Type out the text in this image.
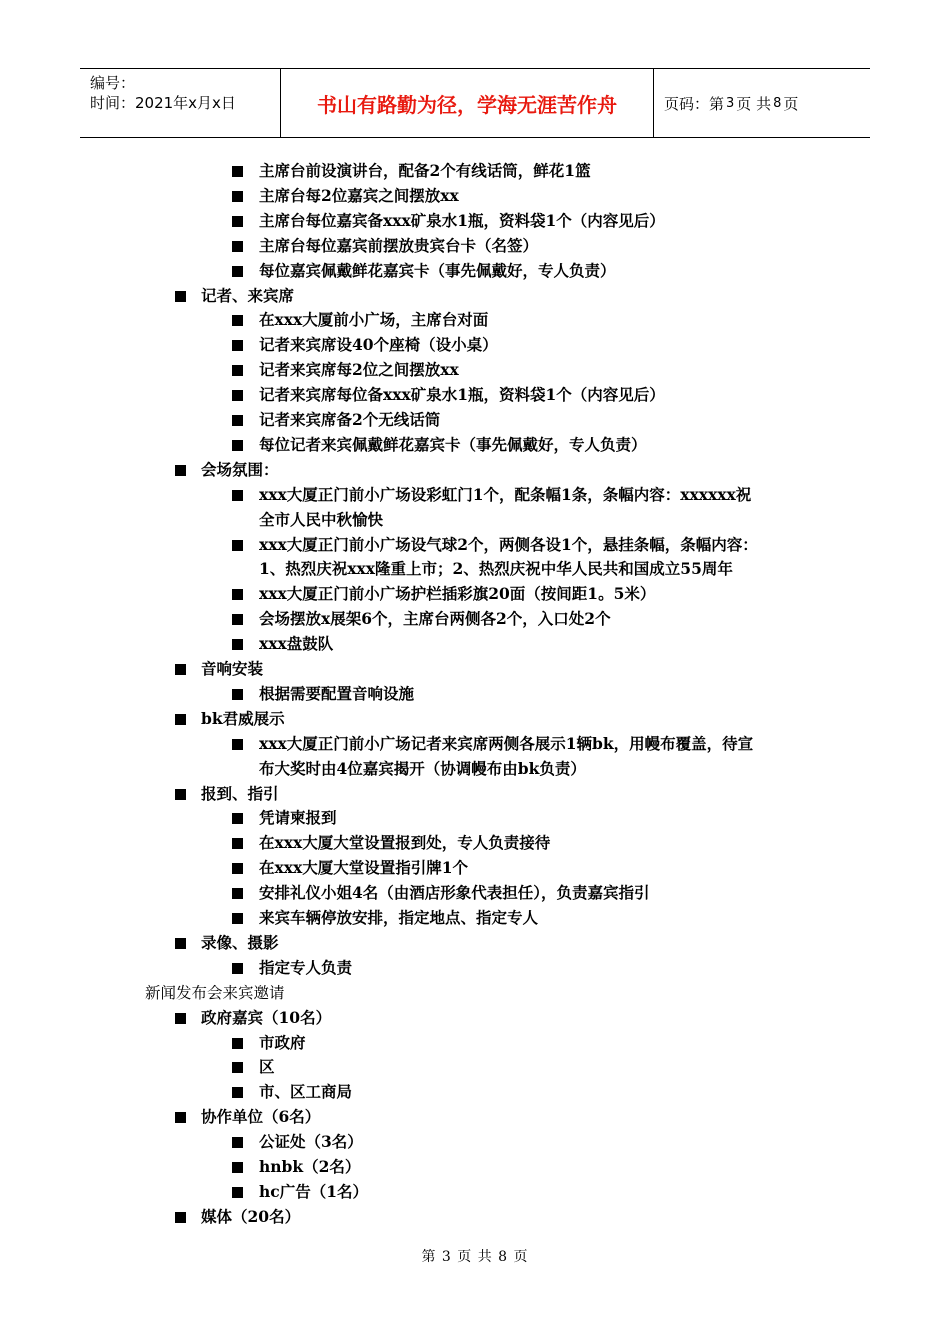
编号：
时间：2021年x月x日	书山有路勤为径，学海无涯苦作舟	页码：第 3 页 共 8 页
主席台前设演讲台，配备2个有线话筒，鲜花1篮
主席台每2位嘉宾之间摆放xx
主席台每位嘉宾备xxx矿泉水1瓶，资料袋1个（内容见后）
主席台每位嘉宾前摆放贵宾台卡（名签）
每位嘉宾佩戴鲜花嘉宾卡（事先佩戴好，专人负责）
记者、来宾席
在xxx大厦前小广场，主席台对面
记者来宾席设40个座椅（设小桌）
记者来宾席每2位之间摆放xx
记者来宾席每位备xxx矿泉水1瓶，资料袋1个（内容见后）
记者来宾席备2个无线话筒
每位记者来宾佩戴鲜花嘉宾卡（事先佩戴好，专人负责）
会场氛围：
xxx大厦正门前小广场设彩虹门1个，配条幅1条，条幅内容：xxxxxx祝
全市人民中秋愉快
xxx大厦正门前小广场设气球2个，两侧各设1个，悬挂条幅，条幅内容：
1、热烈庆祝xxx隆重上市；2、热烈庆祝中华人民共和国成立55周年
xxx大厦正门前小广场护栏插彩旗20面（按间距1。5米）
会场摆放x展架6个，主席台两侧各2个，入口处2个
xxx盘鼓队
音响安装
根据需要配置音响设施
bk君威展示
xxx大厦正门前小广场记者来宾席两侧各展示1辆bk，用幔布覆盖，待宣
布大奖时由4位嘉宾揭开（协调幔布由bk负责）
报到、指引
凭请柬报到
在xxx大厦大堂设置报到处，专人负责接待
在xxx大厦大堂设置指引牌1个
安排礼仪小姐4名（由酒店形象代表担任），负责嘉宾指引
来宾车辆停放安排，指定地点、指定专人
录像、摄影
指定专人负责
新闻发布会来宾邀请
政府嘉宾（10名）
市政府
区
市、区工商局
协作单位（6名）
公证处（3名）
hnbk（2名）
hc广告（1名）
媒体（20名）
第 3 页 共 8 页
